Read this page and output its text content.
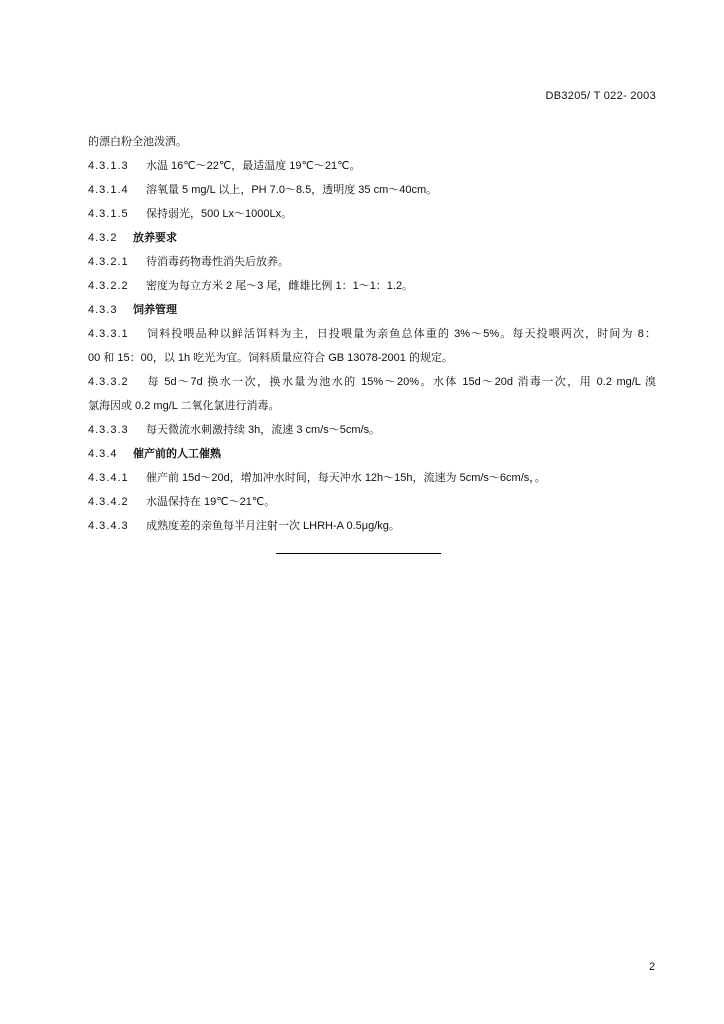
DB3205/ T 022- 2003
的漂白粉全池泼洒。
4.3.1.3 水温 16℃～22℃，最适温度 19℃～21℃。
4.3.1.4 溶氧量 5 mg/L 以上，PH 7.0～8.5，透明度 35 cm～40cm。
4.3.1.5 保持弱光，500 Lx～1000Lx。
4.3.2 放养要求
4.3.2.1 待消毒药物毒性消失后放养。
4.3.2.2 密度为每立方米 2 尾～3 尾，雌雄比例 1：1～1：1.2。
4.3.3 饲养管理
4.3.3.1 饲料投喂品种以鲜活饵料为主，日投喂量为亲鱼总体重的 3%～5%。每天投喂两次，时间为 8：
00 和 15：00，以 1h 吃光为宜。饲料质量应符合 GB 13078-2001 的规定。
4.3.3.2 每 5d～7d 换水一次，换水量为池水的 15%～20%。水体 15d～20d 消毒一次，用 0.2 mg/L 溴
氯海因或 0.2 mg/L 二氧化氯进行消毒。
4.3.3.3 每天微流水刺激持续 3h，流速 3 cm/s～5cm/s。
4.3.4 催产前的人工催熟
4.3.4.1 催产前 15d～20d，增加冲水时间，每天冲水 12h～15h，流速为 5cm/s～6cm/s，。
4.3.4.2 水温保持在 19℃～21℃。
4.3.4.3 成熟度差的亲鱼每半月注射一次 LHRH-A 0.5μg/kg。
2
